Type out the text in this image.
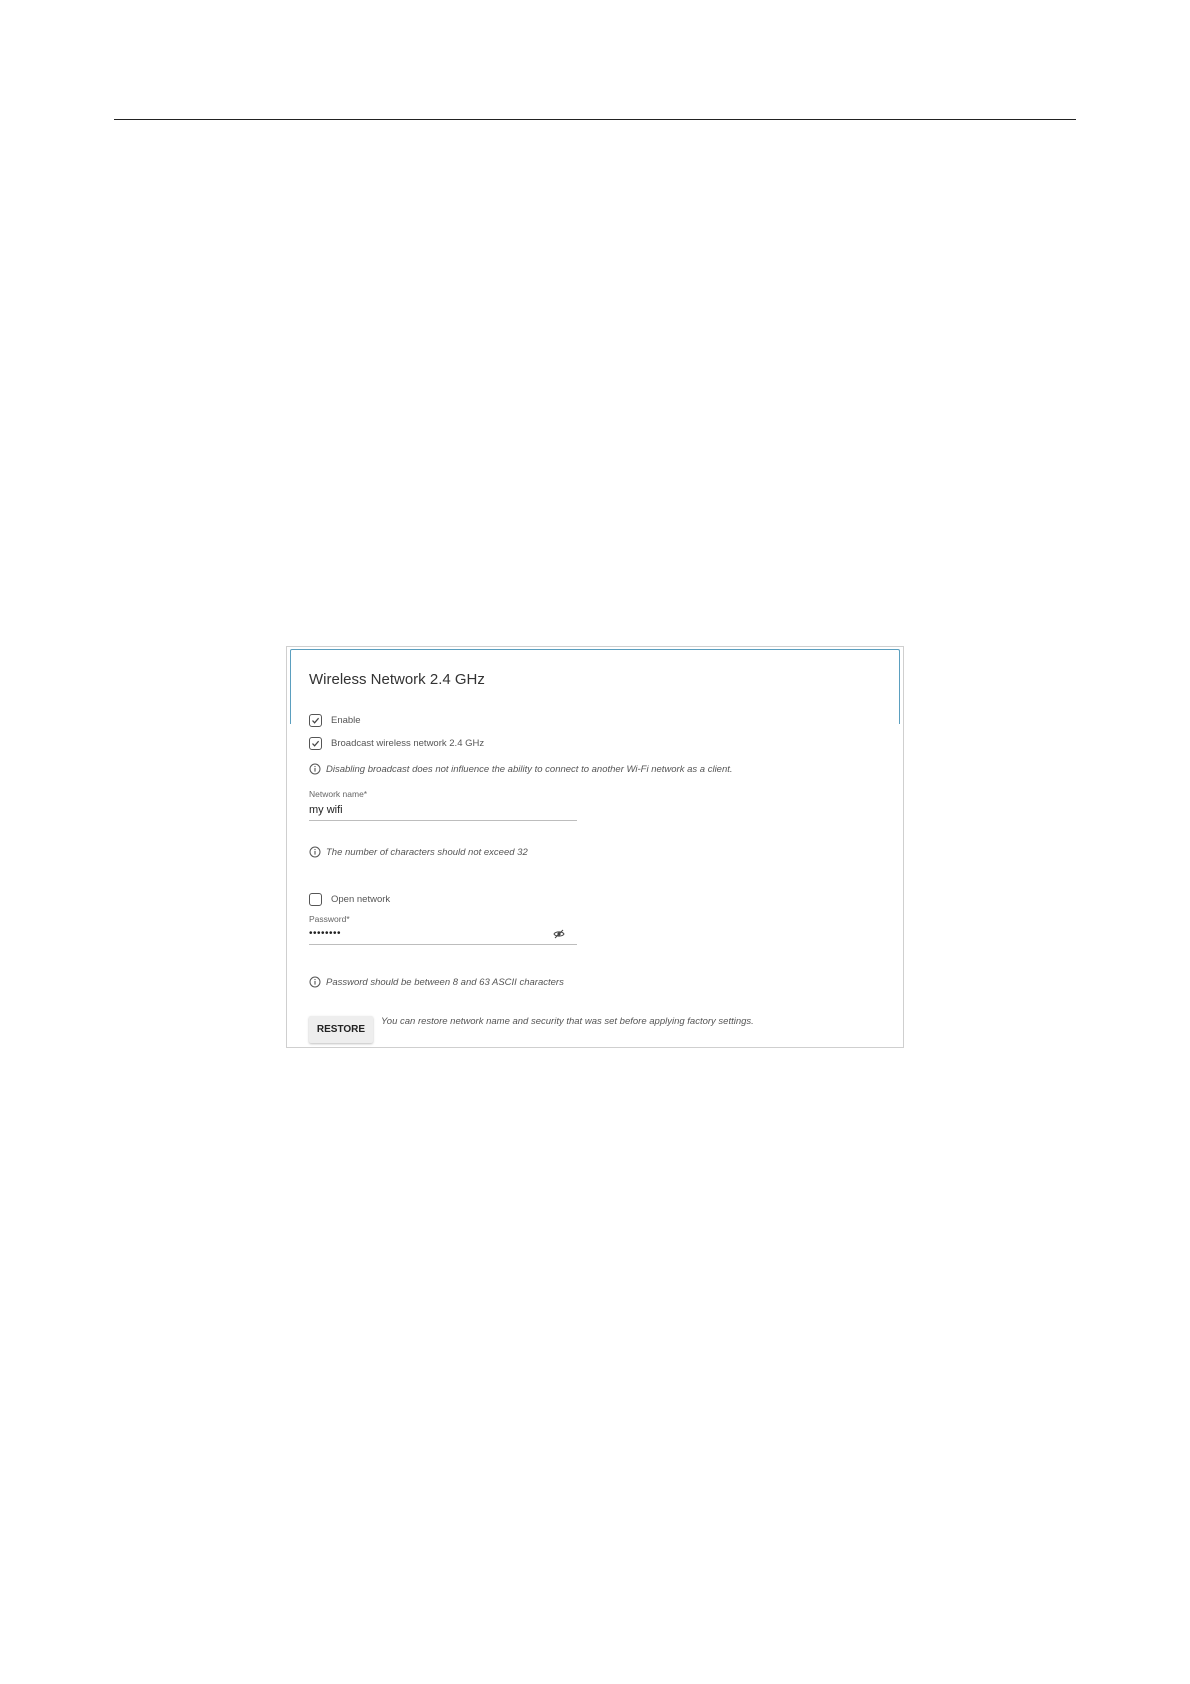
Wireless Network 2.4 GHz
Enable
Broadcast wireless network 2.4 GHz
Disabling broadcast does not influence the ability to connect to another Wi-Fi network as a client.
Network name*
my wifi
The number of characters should not exceed 32
Open network
Password*
••••••••
Password should be between 8 and 63 ASCII characters
RESTORE
You can restore network name and security that was set before applying factory settings.
